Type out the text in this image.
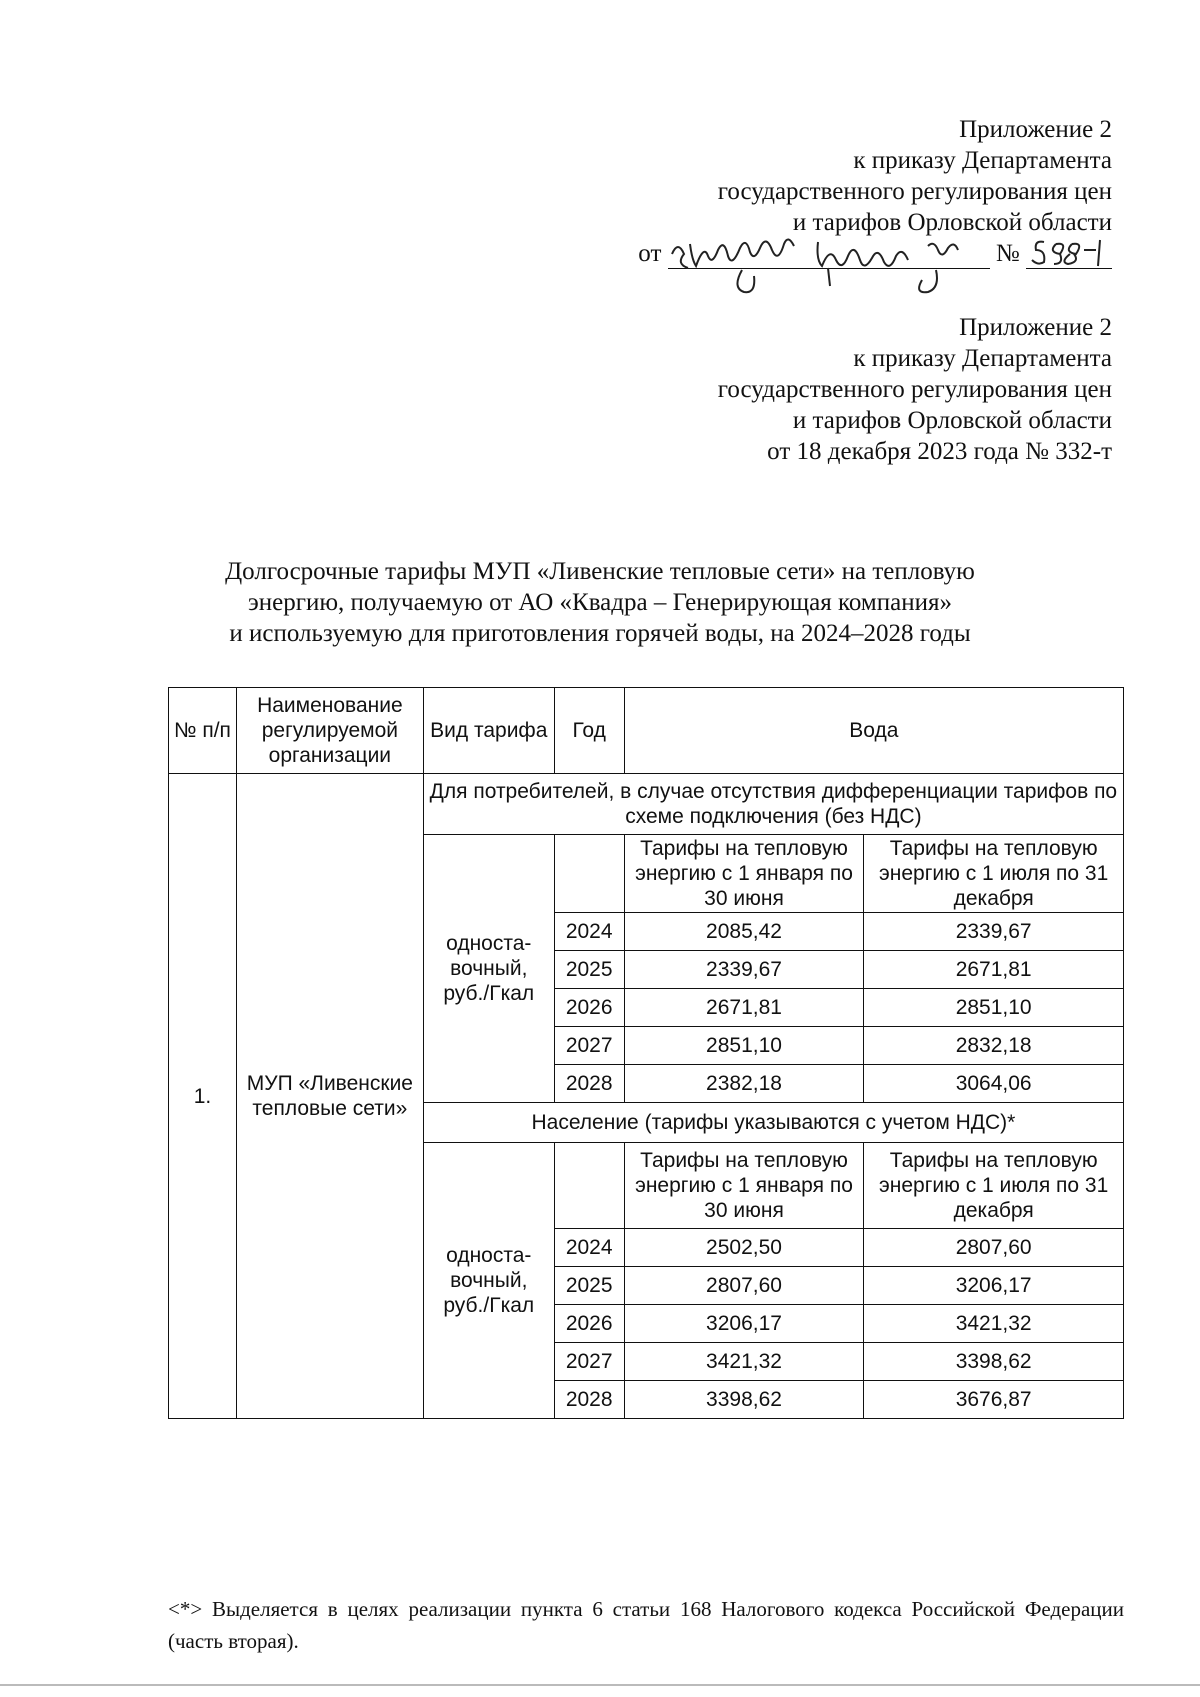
Приложение 2
к приказу Департамента
государственного регулирования цен
и тарифов Орловской области
от	№
Приложение 2
к приказу Департамента
государственного регулирования цен
и тарифов Орловской области
от 18 декабря 2023 года № 332-т
Долгосрочные тарифы МУП «Ливенские тепловые сети» на тепловую
энергию, получаемую от АО «Квадра – Генерирующая компания»
и используемую для приготовления горячей воды, на 2024–2028 годы
№ п/п	Наименование регулируемой организации	Вид тарифа	Год	Вода	
1.	МУП «Ливенские тепловые сети»	Для потребителей, в случае отсутствия дифференциации тарифов по схеме подключения (без НДС)			
		односта-вочный, руб./Гкал		Тарифы на тепловую энергию с 1 января по 30 июня	Тарифы на тепловую энергию с 1 июля по 31 декабря
			2024	2085,42	2339,67
			2025	2339,67	2671,81
			2026	2671,81	2851,10
			2027	2851,10	2832,18
			2028	2382,18	3064,06
		Население (тарифы указываются с учетом НДС)*			
		односта-вочный, руб./Гкал		Тарифы на тепловую энергию с 1 января по 30 июня	Тарифы на тепловую энергию с 1 июля по 31 декабря
			2024	2502,50	2807,60
			2025	2807,60	3206,17
			2026	3206,17	3421,32
			2027	3421,32	3398,62
			2028	3398,62	3676,87
<*> Выделяется в целях реализации пункта 6 статьи 168 Налогового кодекса Российской Федерации (часть вторая).
